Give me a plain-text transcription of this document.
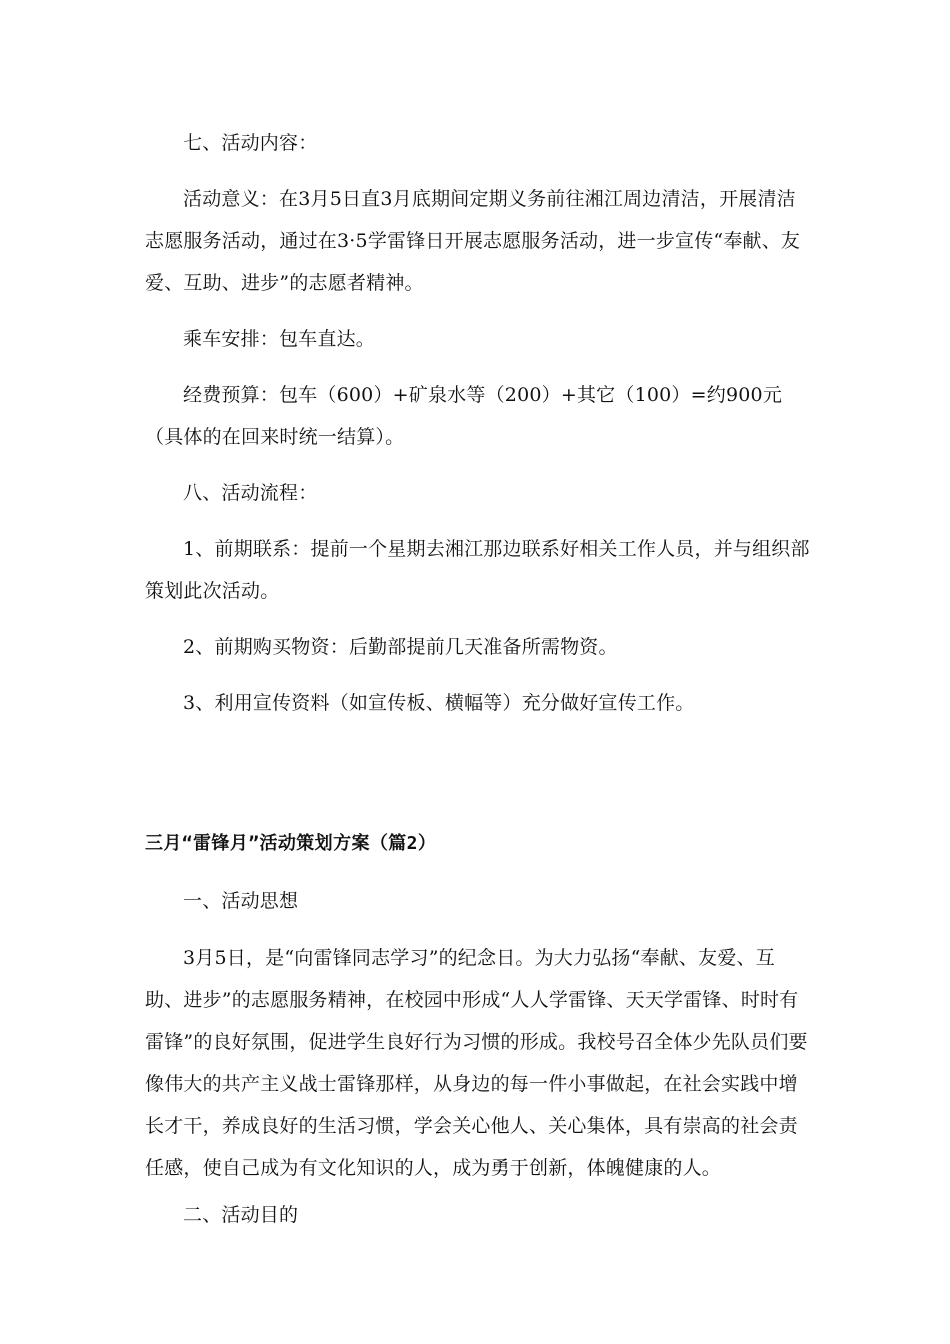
七、活动内容：

活动意义：在3月5日直3月底期间定期义务前往湘江周边清洁，开展清洁志愿服务活动，通过在3·5学雷锋日开展志愿服务活动，进一步宣传“奉献、友爱、互助、进步”的志愿者精神。

乘车安排：包车直达。

经费预算：包车（600）+矿泉水等（200）+其它（100）=约900元（具体的在回来时统一结算）。

八、活动流程：

1、前期联系：提前一个星期去湘江那边联系好相关工作人员，并与组织部策划此次活动。

2、前期购买物资：后勤部提前几天准备所需物资。

3、利用宣传资料（如宣传板、横幅等）充分做好宣传工作。

三月“雷锋月”活动策划方案（篇2）

一、活动思想

3月5日，是“向雷锋同志学习”的纪念日。为大力弘扬“奉献、友爱、互助、进步”的志愿服务精神，在校园中形成“人人学雷锋、天天学雷锋、时时有雷锋”的良好氛围，促进学生良好行为习惯的形成。我校号召全体少先队员们要像伟大的共产主义战士雷锋那样，从身边的每一件小事做起，在社会实践中增长才干，养成良好的生活习惯，学会关心他人、关心集体，具有崇高的社会责任感，使自己成为有文化知识的人，成为勇于创新，体魄健康的人。

二、活动目的
